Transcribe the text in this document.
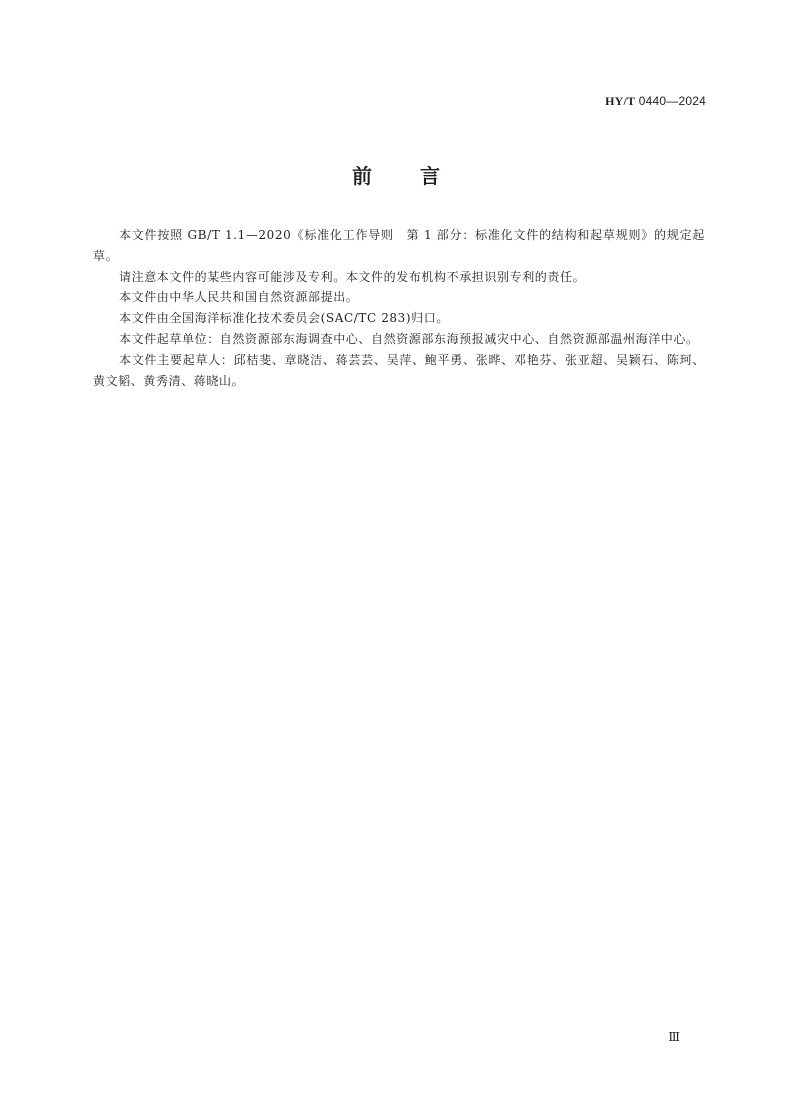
HY/T 0440—2024
前言

本文件按照 GB/T 1.1—2020《标准化工作导则　第 1 部分：标准化文件的结构和起草规则》的规定起草。

请注意本文件的某些内容可能涉及专利。本文件的发布机构不承担识别专利的责任。

本文件由中华人民共和国自然资源部提出。

本文件由全国海洋标准化技术委员会(SAC/TC 283)归口。

本文件起草单位：自然资源部东海调查中心、自然资源部东海预报减灾中心、自然资源部温州海洋中心。

本文件主要起草人：邱桔斐、章晓洁、蒋芸芸、吴萍、鲍平勇、张晔、邓艳芬、张亚超、吴颖石、陈珂、黄文韬、黄秀清、蒋晓山。

Ⅲ
